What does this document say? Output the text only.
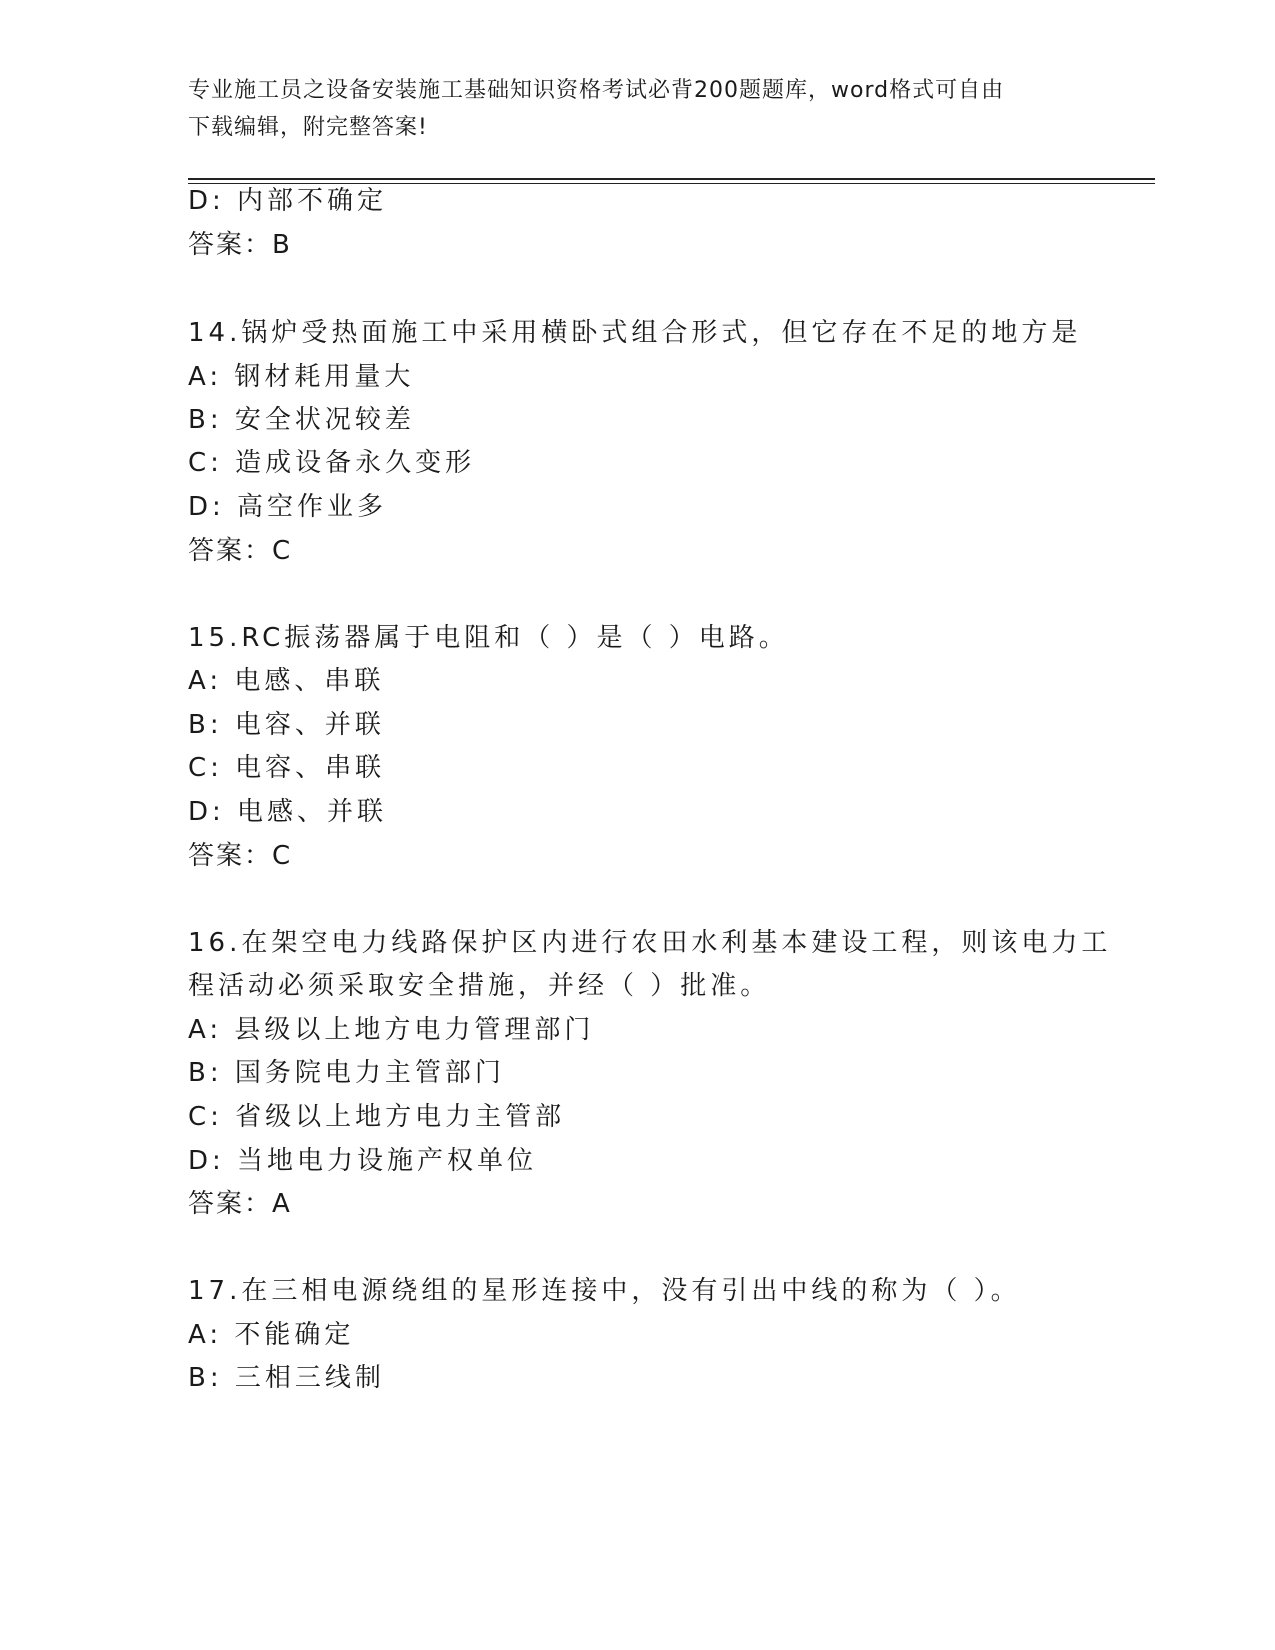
专业施工员之设备安装施工基础知识资格考试必背200题题库，word格式可自由
下载编辑，附完整答案!
D: 内部不确定
答案：B
14.锅炉受热面施工中采用横卧式组合形式，但它存在不足的地方是
A: 钢材耗用量大
B: 安全状况较差
C: 造成设备永久变形
D: 高空作业多
答案：C
15.RC振荡器属于电阻和（ ）是（ ）电路。
A: 电感、串联
B: 电容、并联
C: 电容、串联
D: 电感、并联
答案：C
16.在架空电力线路保护区内进行农田水利基本建设工程，则该电力工
程活动必须采取安全措施，并经（ ）批准。
A: 县级以上地方电力管理部门
B: 国务院电力主管部门
C: 省级以上地方电力主管部
D: 当地电力设施产权单位
答案：A
17.在三相电源绕组的星形连接中，没有引出中线的称为（ ）。
A: 不能确定
B: 三相三线制
